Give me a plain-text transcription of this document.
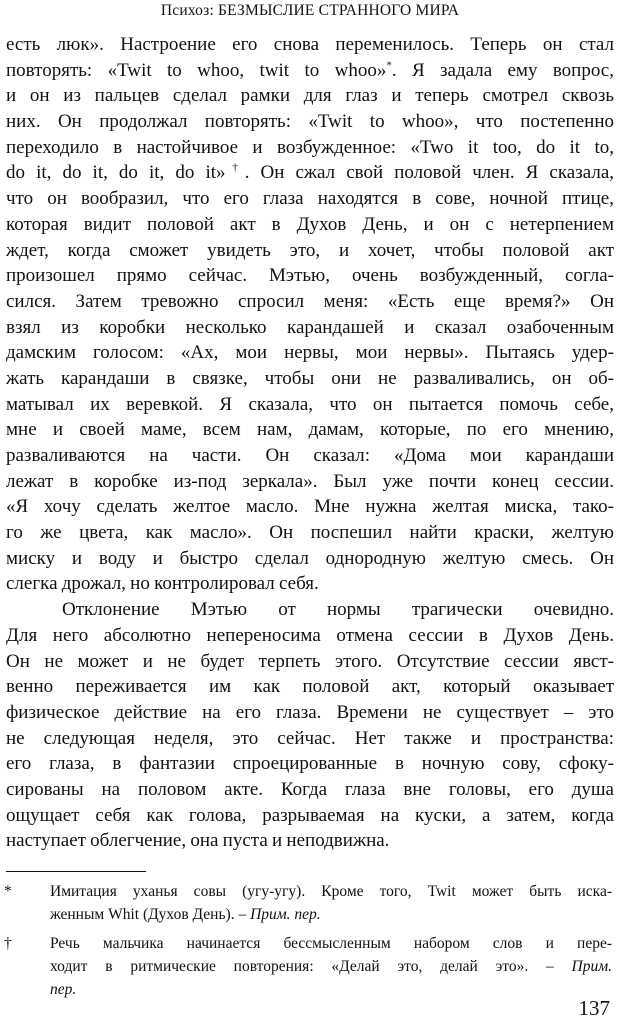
Психоз: БЕЗМЫСЛИЕ СТРАННОГО МИРА
есть люк». Настроение его снова переменилось. Теперь он стал
повторять: «Twit to whoo, twit to whoo»*. Я задала ему вопрос,
и он из пальцев сделал рамки для глаз и теперь смотрел сквозь
них. Он продолжал повторять: «Twit to whoo», что постепенно
переходило в настойчивое и возбужденное: «Two it too, do it to,
do it, do it, do it, do it»†. Он сжал свой половой член. Я сказала,
что он вообразил, что его глаза находятся в сове, ночной птице,
которая видит половой акт в Духов День, и он с нетерпением
ждет, когда сможет увидеть это, и хочет, чтобы половой акт
произошел прямо сейчас. Мэтью, очень возбужденный, согла-
сился. Затем тревожно спросил меня: «Есть еще время?» Он
взял из коробки несколько карандашей и сказал озабоченным
дамским голосом: «Ах, мои нервы, мои нервы». Пытаясь удер-
жать карандаши в связке, чтобы они не разваливались, он об-
матывал их веревкой. Я сказала, что он пытается помочь себе,
мне и своей маме, всем нам, дамам, которые, по его мнению,
разваливаются на части. Он сказал: «Дома мои карандаши
лежат в коробке из-под зеркала». Был уже почти конец сессии.
«Я хочу сделать желтое масло. Мне нужна желтая миска, тако-
го же цвета, как масло». Он поспешил найти краски, желтую
миску и воду и быстро сделал однородную желтую смесь. Он
слегка дрожал, но контролировал себя.
Отклонение Мэтью от нормы трагически очевидно.
Для него абсолютно непереносима отмена сессии в Духов День.
Он не может и не будет терпеть этого. Отсутствие сессии явст-
венно переживается им как половой акт, который оказывает
физическое действие на его глаза. Времени не существует – это
не следующая неделя, это сейчас. Нет также и пространства:
его глаза, в фантазии спроецированные в ночную сову, сфоку-
сированы на половом акте. Когда глаза вне головы, его душа
ощущает себя как голова, разрываемая на куски, а затем, когда
наступает облегчение, она пуста и неподвижна.
* Имитация уханья совы (угу-угу). Кроме того, Twit может быть иска-
женным Whit (Духов День). – Прим. пер.
† Речь мальчика начинается бессмысленным набором слов и пере-
ходит в ритмические повторения: «Делай это, делай это». – Прим.
пер.
137
